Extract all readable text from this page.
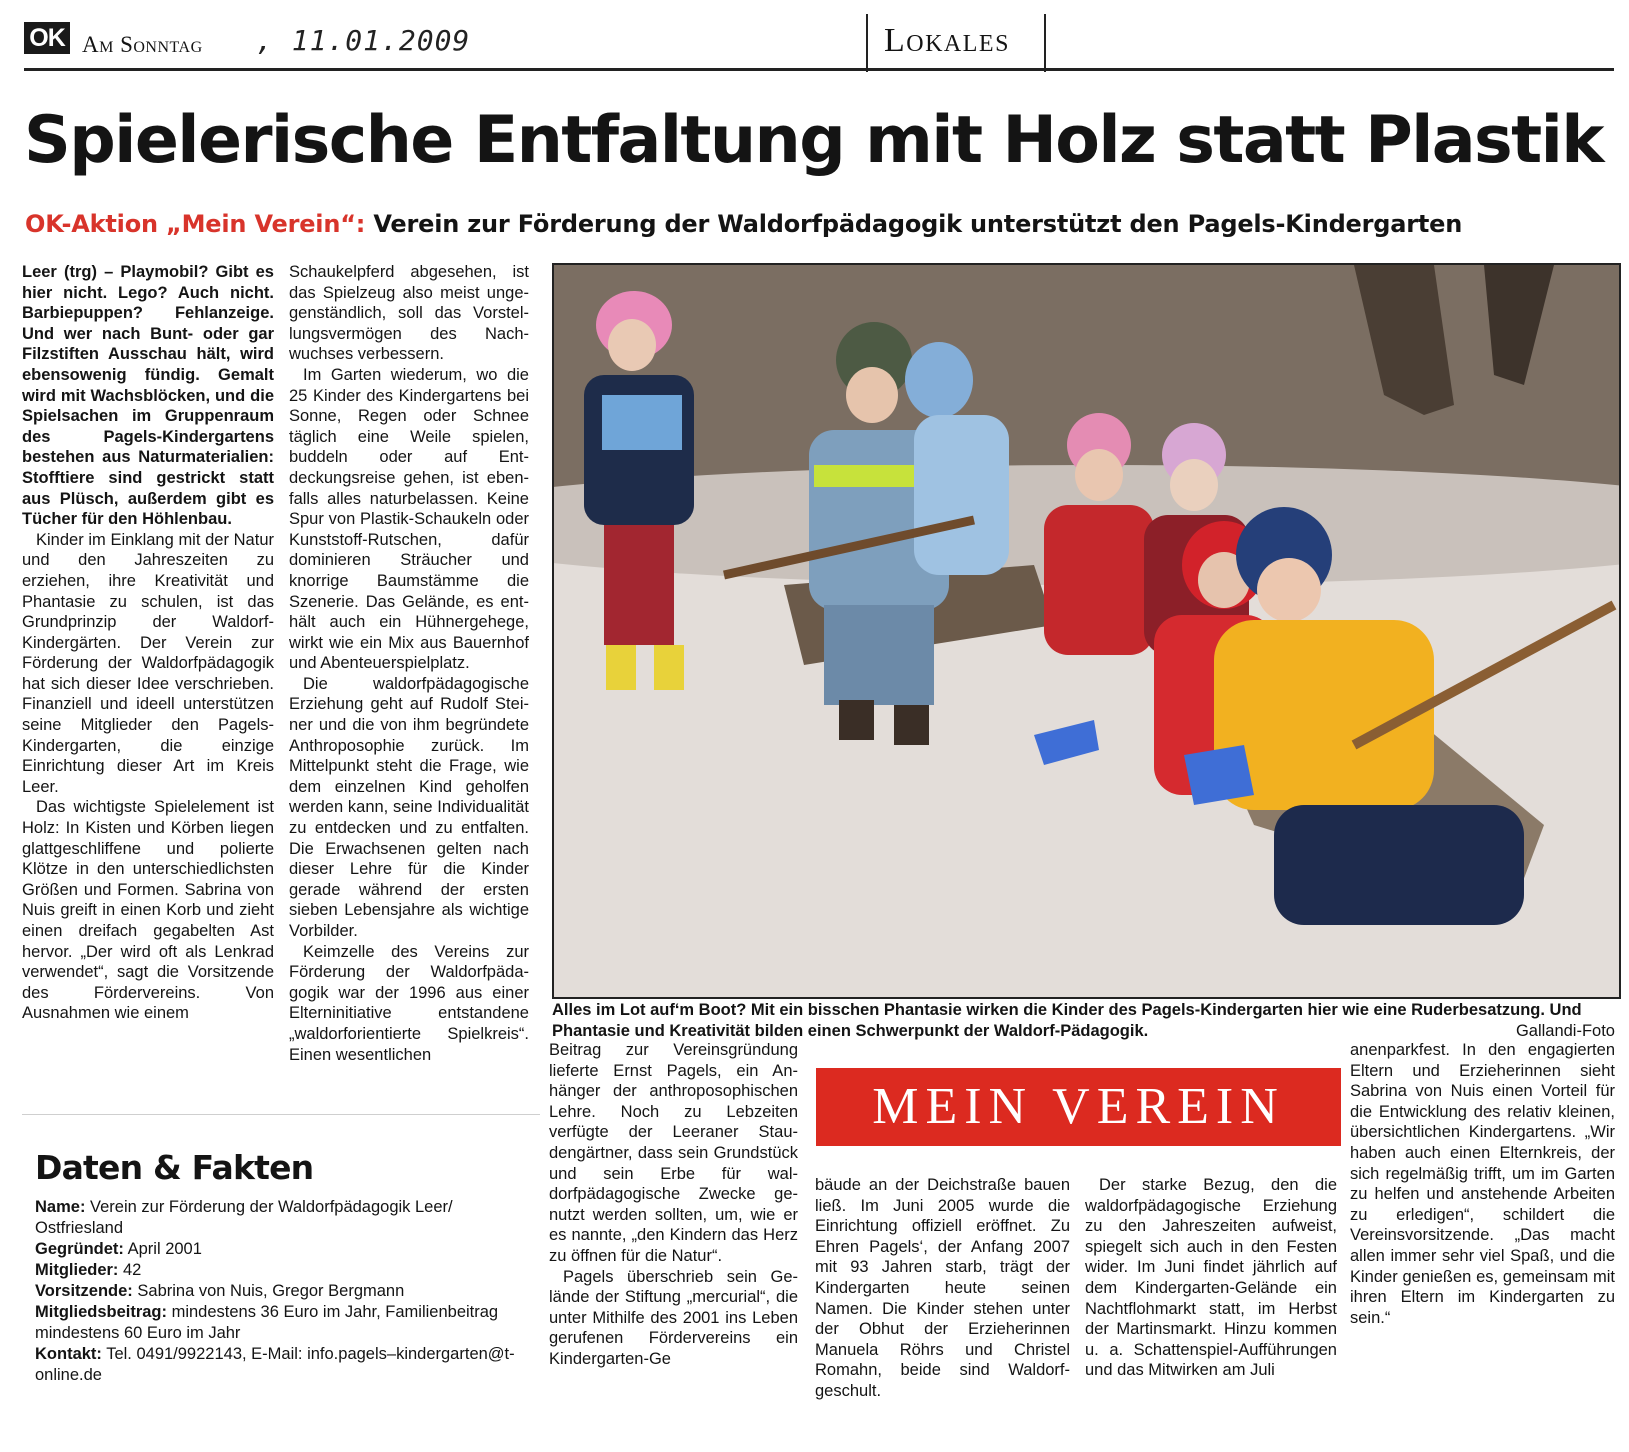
OK Am Sonntag , 11.01.2009	Lokales
Spielerische Entfaltung mit Holz statt Plastik
OK-Aktion „Mein Verein“: Verein zur Förderung der Waldorfpädagogik unterstützt den Pagels-Kindergarten

Leer (trg) – Playmobil? Gibt es hier nicht. Lego? Auch nicht. Barbiepuppen? Fehlanzeige. Und wer nach Bunt- oder gar Filzstiften Ausschau hält, wird ebensowenig fündig. Gemalt wird mit Wachsblöcken, und die Spielsachen im Gruppenraum des Pagels-Kindergartens bestehen aus Naturmaterialien: Stofftiere sind gestrickt statt aus Plüsch, außerdem gibt es Tücher für den Höhlenbau.

Kinder im Einklang mit der Natur und den Jahreszeiten zu erziehen, ihre Kreativität und Phantasie zu schulen, ist das Grundprinzip der Waldorf-Kindergärten. Der Verein zur Förderung der Waldorfpädagogik hat sich dieser Idee verschrieben. Finanziell und ideell unterstützen seine Mitglieder den Pagels-Kindergarten, die einzige Einrichtung dieser Art im Kreis Leer.

Das wichtigste Spielelement ist Holz: In Kisten und Körben liegen glattgeschliffene und polierte Klötze in den unterschiedlichsten Größen und Formen. Sabrina von Nuis greift in einen Korb und zieht einen dreifach gegabelten Ast hervor. „Der wird oft als Lenkrad verwendet“, sagt die Vorsitzende des Fördervereins. Von Ausnahmen wie einem

Schaukelpferd abgesehen, ist das Spielzeug also meist ungegenständlich, soll das Vorstellungsvermögen des Nachwuchses verbessern.

Im Garten wiederum, wo die 25 Kinder des Kindergartens bei Sonne, Regen oder Schnee täglich eine Weile spielen, buddeln oder auf Entdeckungsreise gehen, ist ebenfalls alles naturbelassen. Keine Spur von Plastik-Schaukeln oder Kunststoff-Rutschen, dafür dominieren Sträucher und knorrige Baumstämme die Szenerie. Das Gelände, es enthält auch ein Hühnergehege, wirkt wie ein Mix aus Bauernhof und Abenteuerspielplatz.

Die waldorfpädagogische Erziehung geht auf Rudolf Steiner und die von ihm begründete Anthroposophie zurück. Im Mittelpunkt steht die Frage, wie dem einzelnen Kind geholfen werden kann, seine Individualität zu entdecken und zu entfalten. Die Erwachsenen gelten nach dieser Lehre für die Kinder gerade während der ersten sieben Lebensjahre als wichtige Vorbilder.

Keimzelle des Vereins zur Förderung der Waldorfpädagogik war der 1996 aus einer Elterninitiative entstandene „waldorforientierte Spielkreis“. Einen wesentlichen

Alles im Lot auf‘m Boot? Mit ein bisschen Phantasie wirken die Kinder des Pagels-Kindergarten hier wie eine Ruderbesatzung. Und Phantasie und Kreativität bilden einen Schwerpunkt der Waldorf-Pädagogik.	Gallandi-Foto

Beitrag zur Vereinsgründung lieferte Ernst Pagels, ein Anhänger der anthroposophischen Lehre. Noch zu Lebzeiten verfügte der Leeraner Staudengärtner, dass sein Grundstück und sein Erbe für waldorfpädagogische Zwecke genutzt werden sollten, um, wie er es nannte, „den Kindern das Herz zu öffnen für die Natur“.

Pagels überschrieb sein Gelände der Stiftung „mercurial“, die unter Mithilfe des 2001 ins Leben gerufenen Fördervereins ein Kindergarten-Ge

MEIN VEREIN

bäude an der Deichstraße bauen ließ. Im Juni 2005 wurde die Einrichtung offiziell eröffnet. Zu Ehren Pagels‘, der Anfang 2007 mit 93 Jahren starb, trägt der Kindergarten heute seinen Namen. Die Kinder stehen unter der Obhut der Erzieherinnen Manuela Röhrs und Christel Romahn, beide sind Waldorf-geschult.

Der starke Bezug, den die waldorfpädagogische Erziehung zu den Jahreszeiten aufweist, spiegelt sich auch in den Festen wider. Im Juni findet jährlich auf dem Kindergarten-Gelände ein Nachtflohmarkt statt, im Herbst der Martinsmarkt. Hinzu kommen u. a. Schattenspiel-Aufführungen und das Mitwirken am Juli

anenparkfest. In den engagierten Eltern und Erzieherinnen sieht Sabrina von Nuis einen Vorteil für die Entwicklung des relativ kleinen, übersichtlichen Kindergartens. „Wir haben auch einen Elternkreis, der sich regelmäßig trifft, um im Garten zu helfen und anstehende Arbeiten zu erledigen“, schildert die Vereinsvorsitzende. „Das macht allen immer sehr viel Spaß, und die Kinder genießen es, gemeinsam mit ihren Eltern im Kindergarten zu sein.“

Daten & Fakten

Name: Verein zur Förderung der Waldorfpädagogik Leer/ Ostfriesland

Gegründet: April 2001

Mitglieder: 42

Vorsitzende: Sabrina von Nuis, Gregor Bergmann

Mitgliedsbeitrag: mindestens 36 Euro im Jahr, Familienbeitrag mindestens 60 Euro im Jahr

Kontakt: Tel. 0491/9922143, E-Mail: info.pagels–kindergarten@t-online.de
